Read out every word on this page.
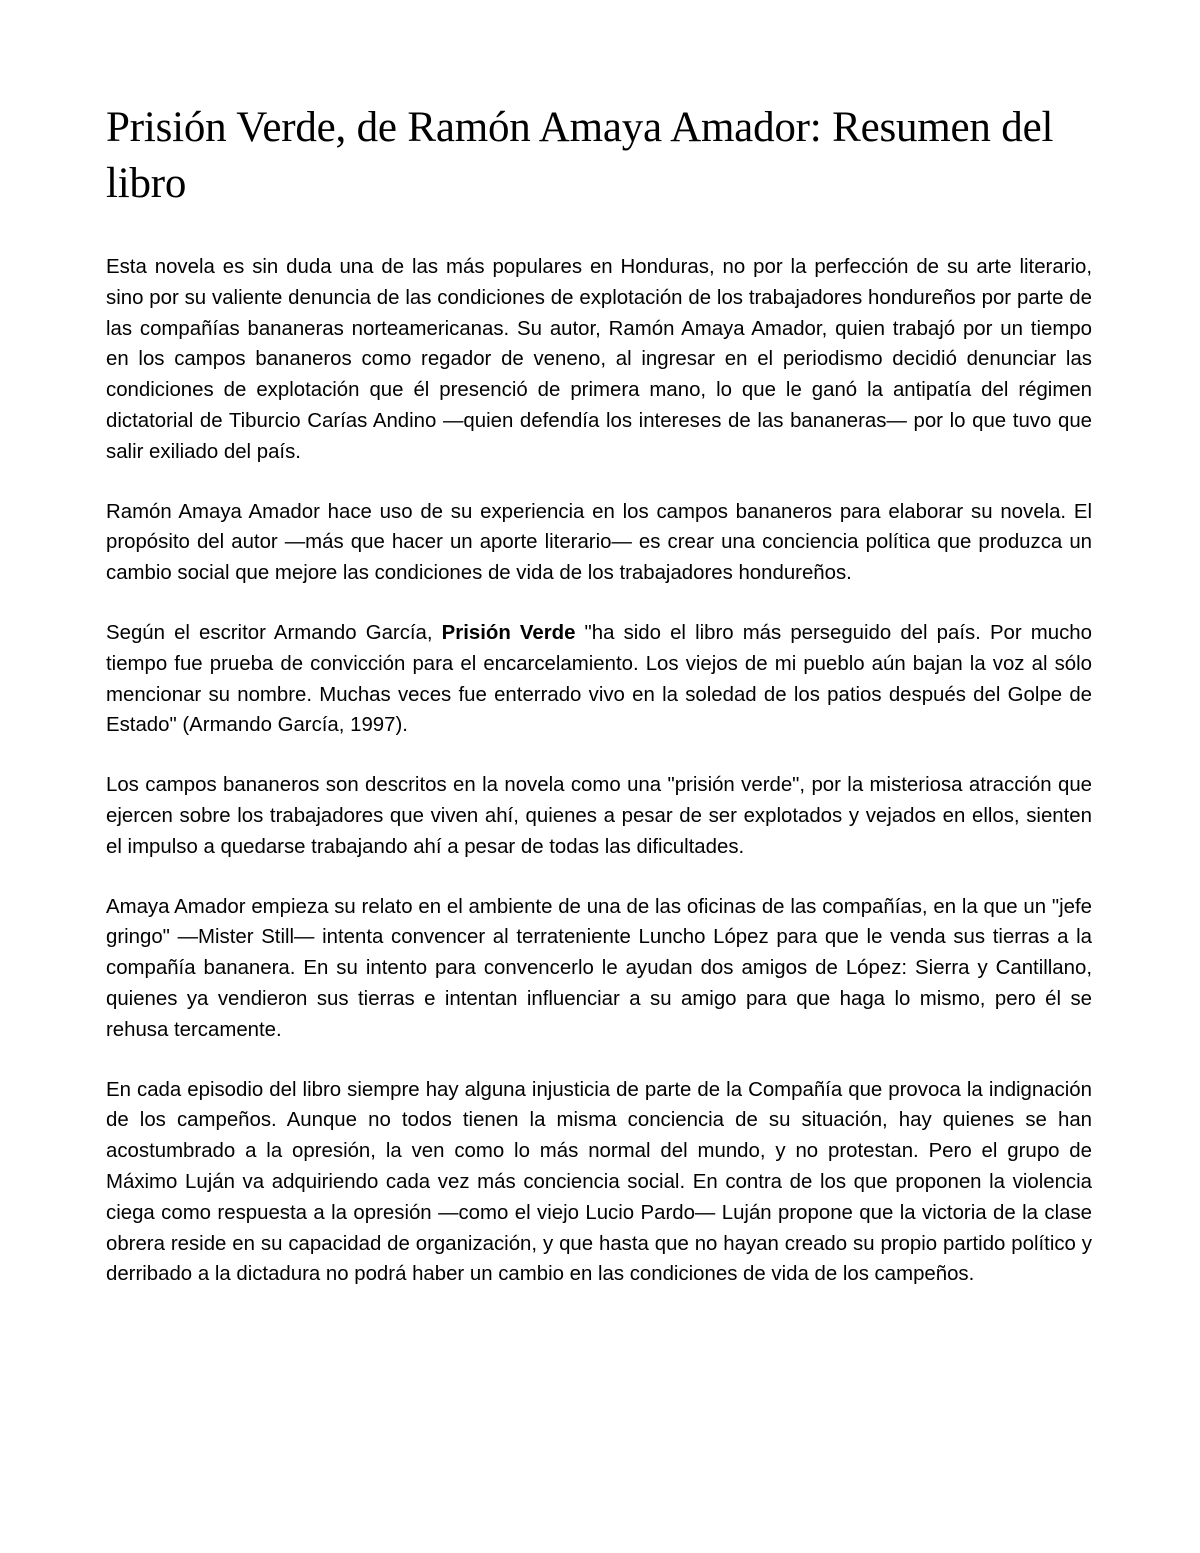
Prisión Verde, de Ramón Amaya Amador: Resumen del libro

Esta novela es sin duda una de las más populares en Honduras, no por la perfección de su arte literario, sino por su valiente denuncia de las condiciones de explotación de los trabajadores hondureños por parte de las compañías bananeras norteamericanas. Su autor, Ramón Amaya Amador, quien trabajó por un tiempo en los campos bananeros como regador de veneno, al ingresar en el periodismo decidió denunciar las condiciones de explotación que él presenció de primera mano, lo que le ganó la antipatía del régimen dictatorial de Tiburcio Carías Andino —quien defendía los intereses de las bananeras— por lo que tuvo que salir exiliado del país.

Ramón Amaya Amador hace uso de su experiencia en los campos bananeros para elaborar su novela. El propósito del autor —más que hacer un aporte literario— es crear una conciencia política que produzca un cambio social que mejore las condiciones de vida de los trabajadores hondureños.

Según el escritor Armando García, Prisión Verde "ha sido el libro más perseguido del país. Por mucho tiempo fue prueba de convicción para el encarcelamiento. Los viejos de mi pueblo aún bajan la voz al sólo mencionar su nombre. Muchas veces fue enterrado vivo en la soledad de los patios después del Golpe de Estado" (Armando García, 1997).

Los campos bananeros son descritos en la novela como una "prisión verde", por la misteriosa atracción que ejercen sobre los trabajadores que viven ahí, quienes a pesar de ser explotados y vejados en ellos, sienten el impulso a quedarse trabajando ahí a pesar de todas las dificultades.

Amaya Amador empieza su relato en el ambiente de una de las oficinas de las compañías, en la que un "jefe gringo" —Mister Still— intenta convencer al terrateniente Luncho López para que le venda sus tierras a la compañía bananera. En su intento para convencerlo le ayudan dos amigos de López: Sierra y Cantillano, quienes ya vendieron sus tierras e intentan influenciar a su amigo para que haga lo mismo, pero él se rehusa tercamente.

En cada episodio del libro siempre hay alguna injusticia de parte de la Compañía que provoca la indignación de los campeños. Aunque no todos tienen la misma conciencia de su situación, hay quienes se han acostumbrado a la opresión, la ven como lo más normal del mundo, y no protestan. Pero el grupo de Máximo Luján va adquiriendo cada vez más conciencia social. En contra de los que proponen la violencia ciega como respuesta a la opresión —como el viejo Lucio Pardo— Luján propone que la victoria de la clase obrera reside en su capacidad de organización, y que hasta que no hayan creado su propio partido político y derribado a la dictadura no podrá haber un cambio en las condiciones de vida de los campeños.
